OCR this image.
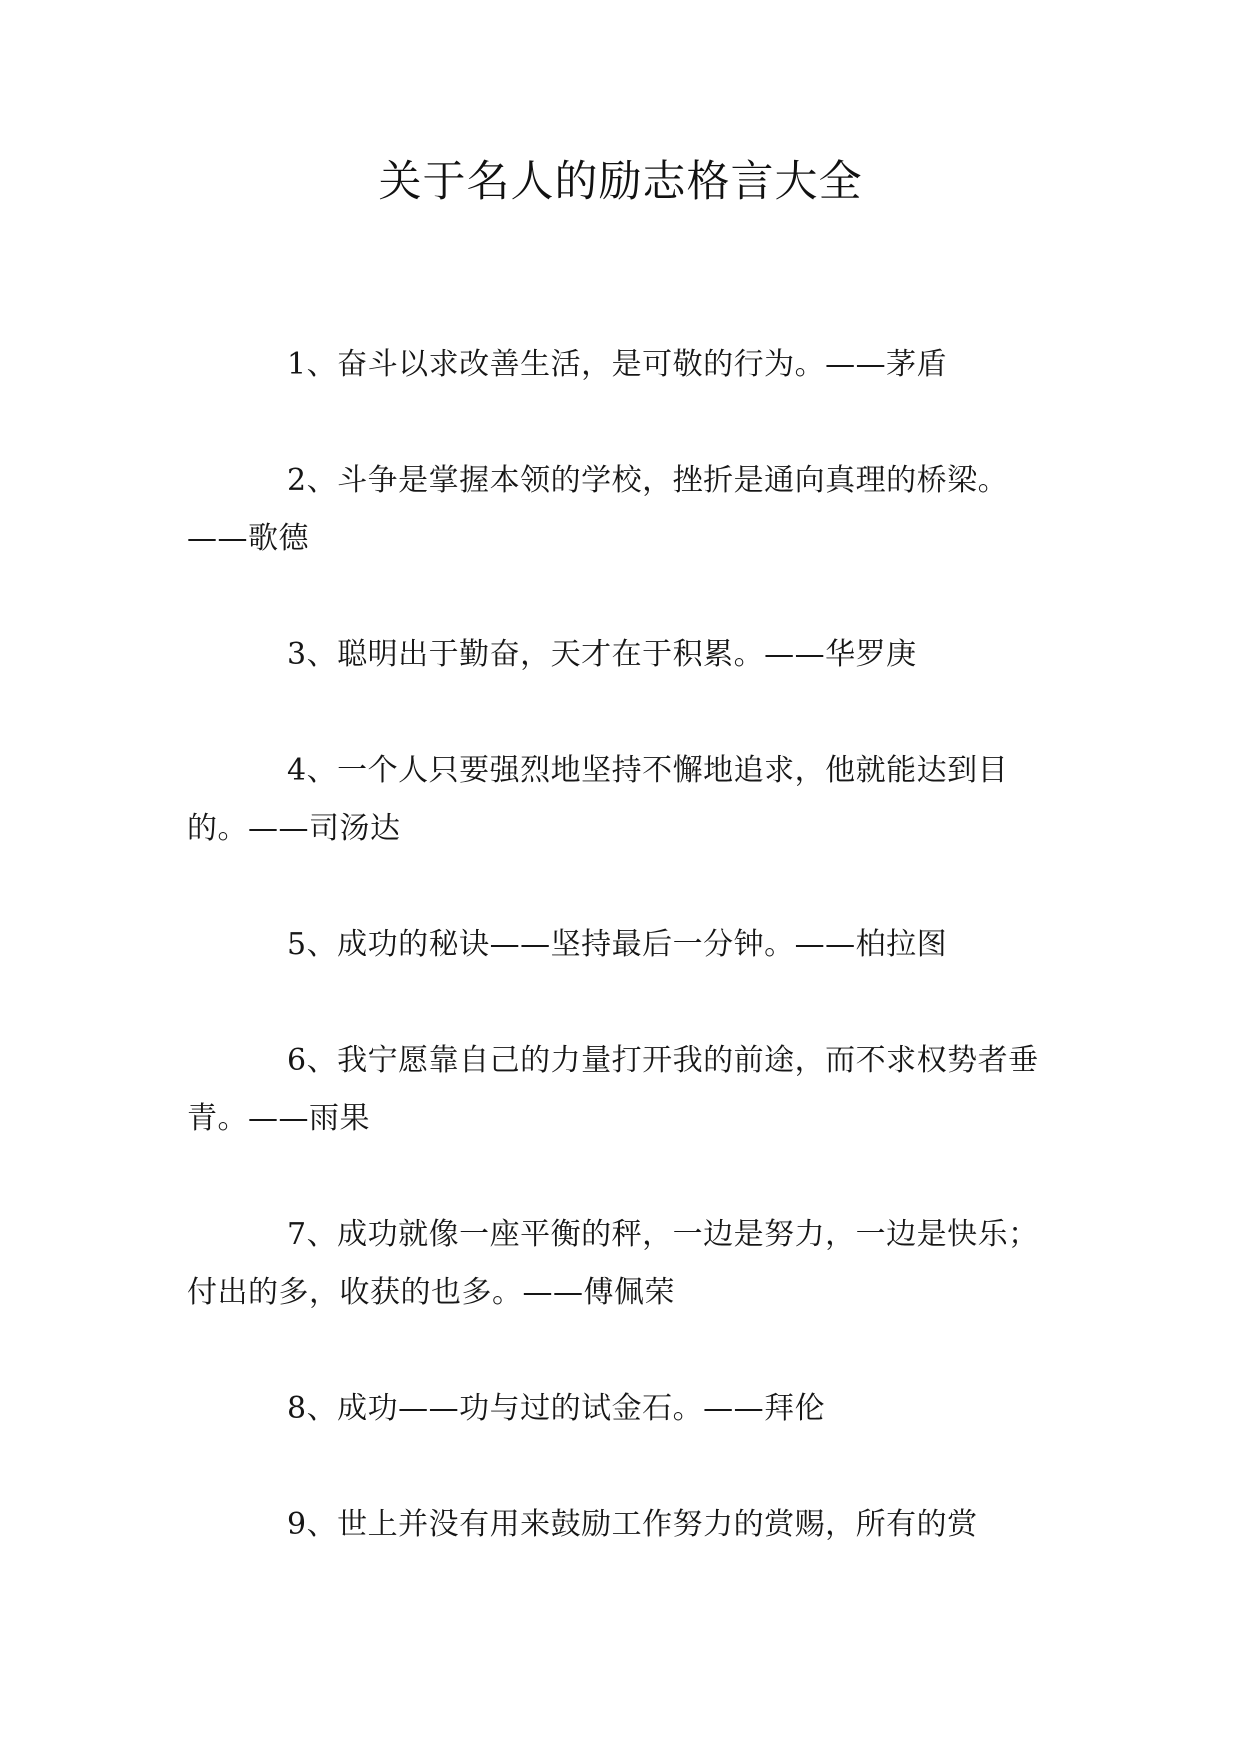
关于名人的励志格言大全

1、奋斗以求改善生活，是可敬的行为。——茅盾

2、斗争是掌握本领的学校，挫折是通向真理的桥梁。——歌德

3、聪明出于勤奋，天才在于积累。——华罗庚

4、一个人只要强烈地坚持不懈地追求，他就能达到目的。——司汤达

5、成功的秘诀——坚持最后一分钟。——柏拉图

6、我宁愿靠自己的力量打开我的前途，而不求权势者垂青。——雨果

7、成功就像一座平衡的秤，一边是努力，一边是快乐；付出的多，收获的也多。——傅佩荣

8、成功——功与过的试金石。——拜伦

9、世上并没有用来鼓励工作努力的赏赐，所有的赏
